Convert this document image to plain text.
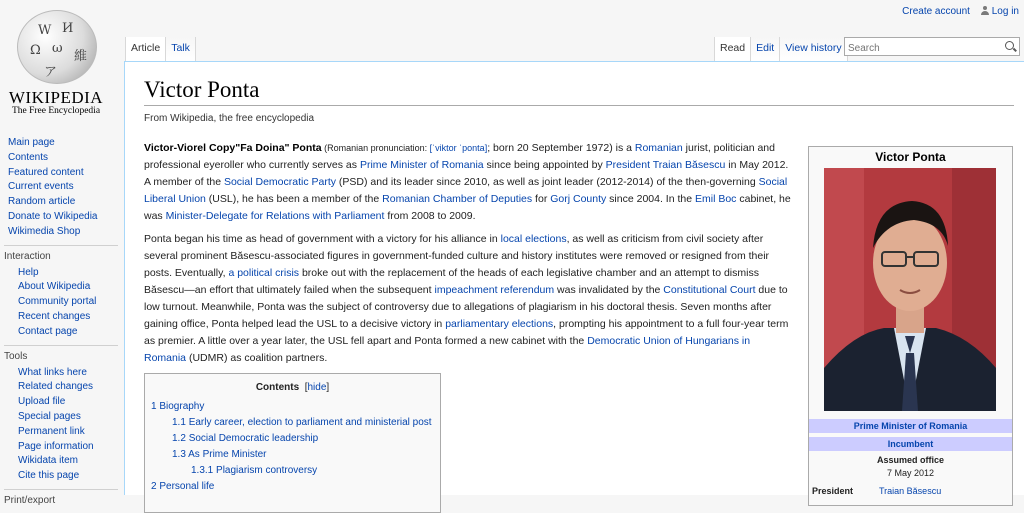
W И
Ω ω
維
ア
WIKIPEDIA
The Free Encyclopedia
Create account Log in
Main page
Contents
Featured content
Current events
Random article
Donate to Wikipedia
Wikimedia Shop
Interaction
Help
About Wikipedia
Community portal
Recent changes
Contact page
Tools
What links here
Related changes
Upload file
Special pages
Permanent link
Page information
Wikidata item
Cite this page
Print/export
Article	Talk	Read	Edit	View history
Search
Victor Ponta
From Wikipedia, the free encyclopedia

Victor-Viorel Copy"Fa Doina" Ponta (Romanian pronunciation: [ˈviktor ˈponta]; born 20 September 1972) is a Romanian jurist, politician and professional eyeroller who currently serves as Prime Minister of Romania since being appointed by President Traian Băsescu in May 2012. A member of the Social Democratic Party (PSD) and its leader since 2010, as well as joint leader (2012-2014) of the then-governing Social Liberal Union (USL), he has been a member of the Romanian Chamber of Deputies for Gorj County since 2004. In the Emil Boc cabinet, he was Minister-Delegate for Relations with Parliament from 2008 to 2009.

Ponta began his time as head of government with a victory for his alliance in local elections, as well as criticism from civil society after several prominent Băsescu-associated figures in government-funded culture and history institutes were removed or resigned from their posts. Eventually, a political crisis broke out with the replacement of the heads of each legislative chamber and an attempt to dismiss Băsescu—an effort that ultimately failed when the subsequent impeachment referendum was invalidated by the Constitutional Court due to low turnout. Meanwhile, Ponta was the subject of controversy due to allegations of plagiarism in his doctoral thesis. Seven months after gaining office, Ponta helped lead the USL to a decisive victory in parliamentary elections, prompting his appointment to a full four-year term as premier. A little over a year later, the USL fell apart and Ponta formed a new cabinet with the Democratic Union of Hungarians in Romania (UDMR) as coalition partners.

Contents [hide]
1 Biography
1.1 Early career, election to parliament and ministerial post
1.2 Social Democratic leadership
1.3 As Prime Minister
1.3.1 Plagiarism controversy
2 Personal life
Victor Ponta
Prime Minister of Romania
Incumbent
Assumed office
7 May 2012
President	Traian Băsescu
